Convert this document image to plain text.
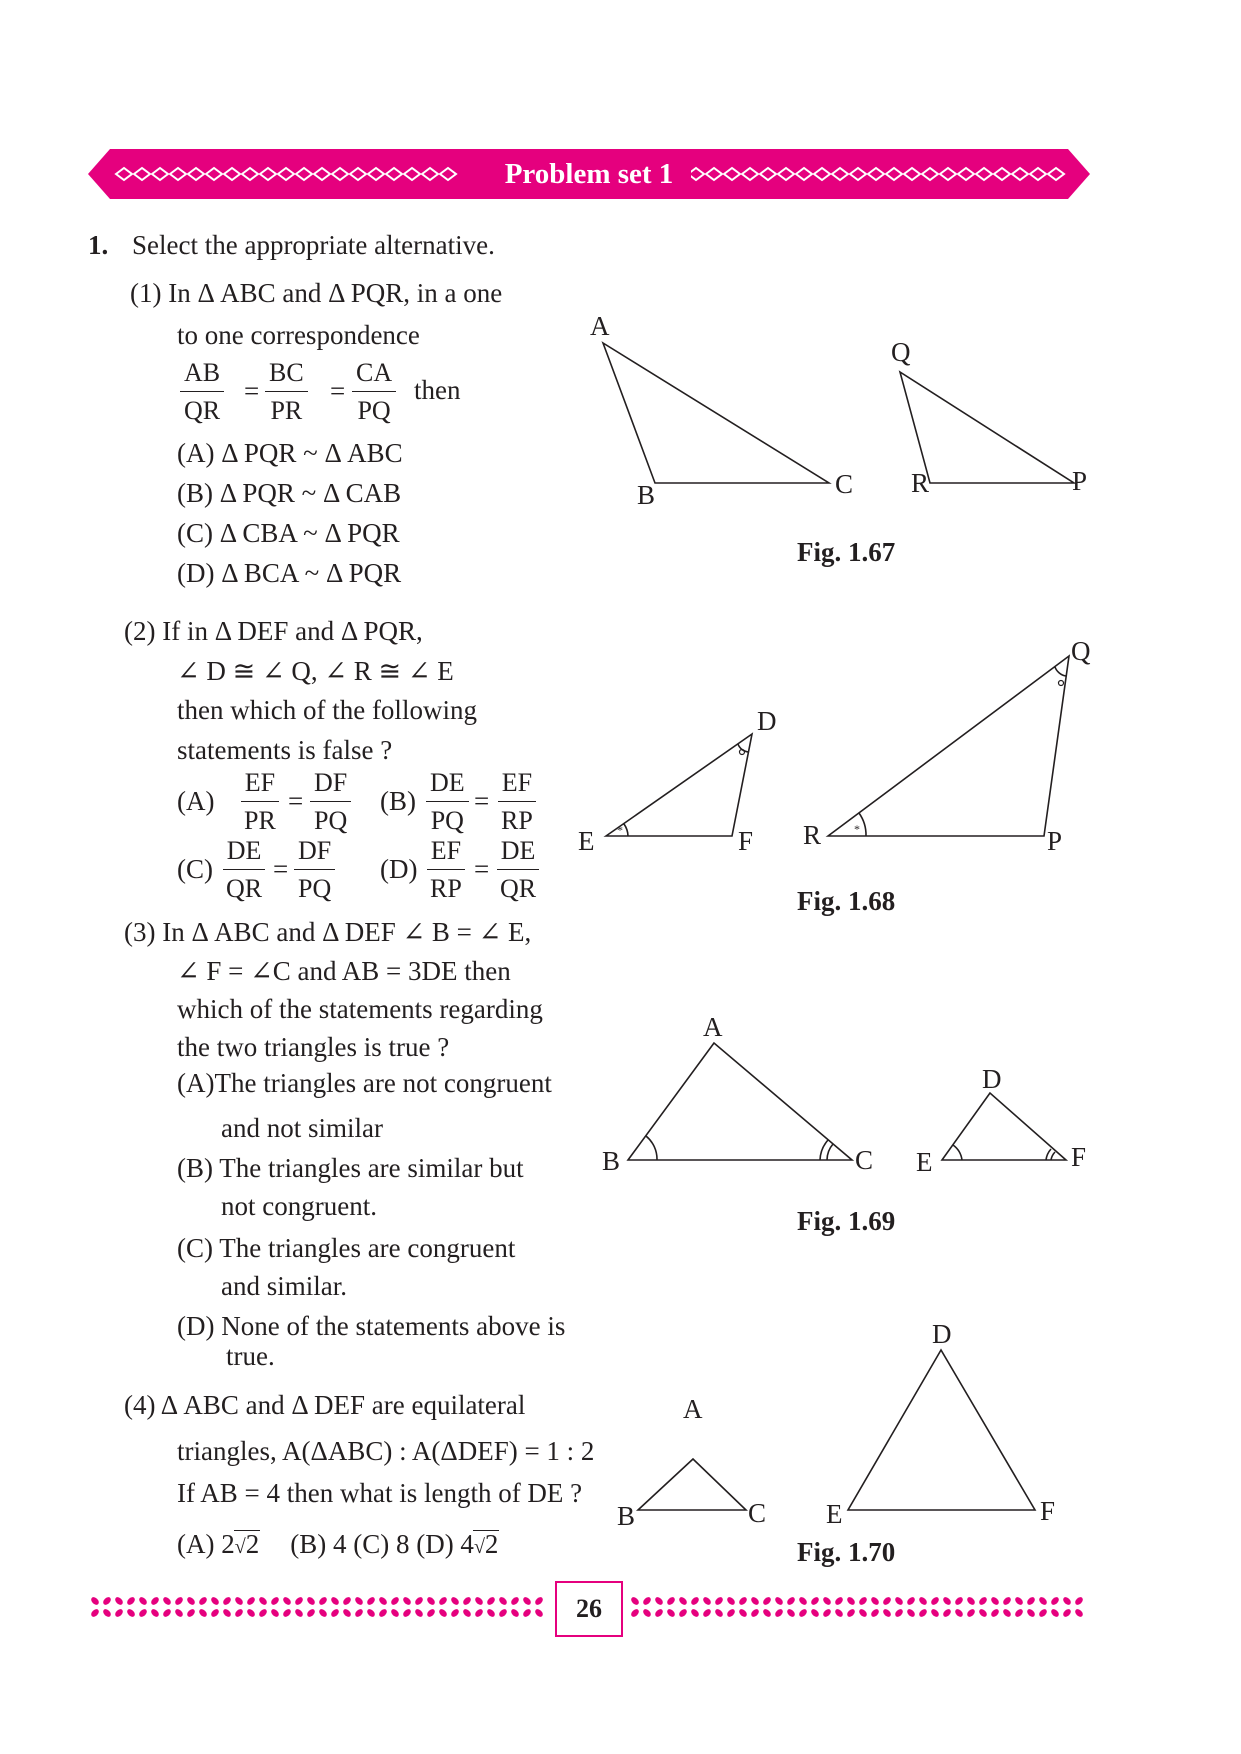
Problem set 1
1. Select the appropriate alternative.
(1) In Δ ABC and Δ PQR, in a one
to one correspondence
$\frac{AB}{QR} = \frac{BC}{PR} = \frac{CA}{PQ}$ then
(A) Δ PQR ~ Δ ABC
(B) Δ PQR ~ Δ CAB
(C) Δ CBA ~ Δ PQR
(D) Δ BCA ~ Δ PQR
A
B	C
Q
R	P
Fig. 1.67
(2) If in Δ DEF and Δ PQR,
∠ D ≅ ∠ Q, ∠ R ≅ ∠ E
then which of the following
statements is false ?
$(A) \frac{EF}{PR} = \frac{DF}{PQ} (B) \frac{DE}{PQ} = \frac{EF}{RP}$
$(C) \frac{DE}{QR} = \frac{DF}{PQ} (D) \frac{EF}{RP} = \frac{DE}{QR}$
*	*
D
E	F
Q
R	P
Fig. 1.68
(3) In Δ ABC and Δ DEF ∠ B = ∠ E,
∠ F = ∠C and AB = 3DE then
which of the statements regarding
the two triangles is true ?
(A)The triangles are not congruent
and not similar
(B) The triangles are similar but
not congruent.
(C) The triangles are congruent
and similar.
(D) None of the statements above is
true.
A
B	C
D
E	F
Fig. 1.69
(4) Δ ABC and Δ DEF are equilateral
triangles, A(ΔABC) : A(ΔDEF) = 1 : 2
If AB = 4 then what is length of DE ?
(A) 2√2 (B) 4 (C) 8 (D) 4√2
A
B	C
D
E	F
Fig. 1.70
26
